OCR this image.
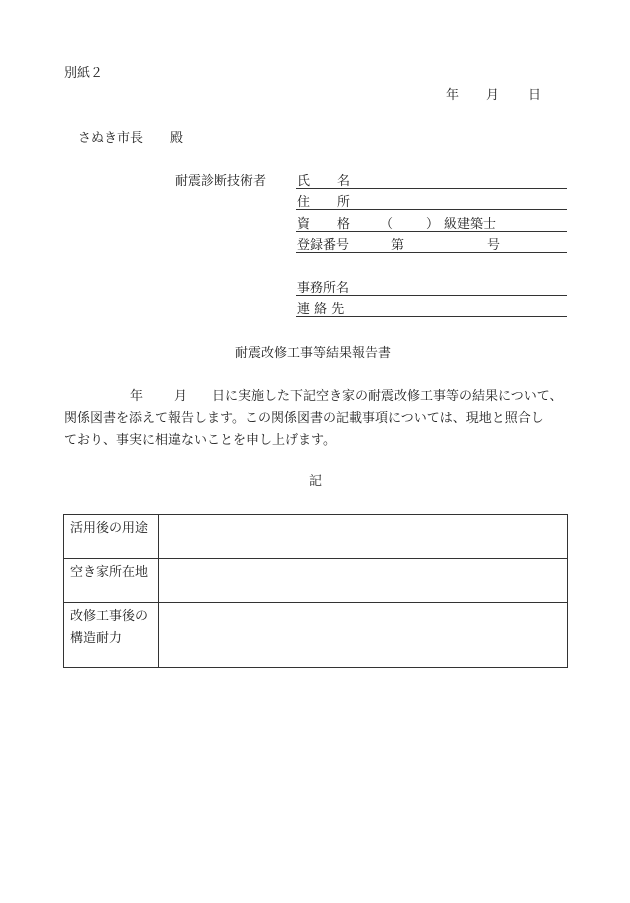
別紙２
年 月 日
さぬき市長 殿
耐震診断技術者 氏 名
住 所
資 格 （	） 級建築士
登録番号	第	号
事務所名
連 絡 先
耐震改修工事等結果報告書
年 月 日に実施した下記空き家の耐震改修工事等の結果について、
関係図書を添えて報告します。この関係図書の記載事項については、現地と照合し
ており、事実に相違ないことを申し上げます。
記
活用後の用途	

空き家所在地	

改修工事後の
構造耐力	
